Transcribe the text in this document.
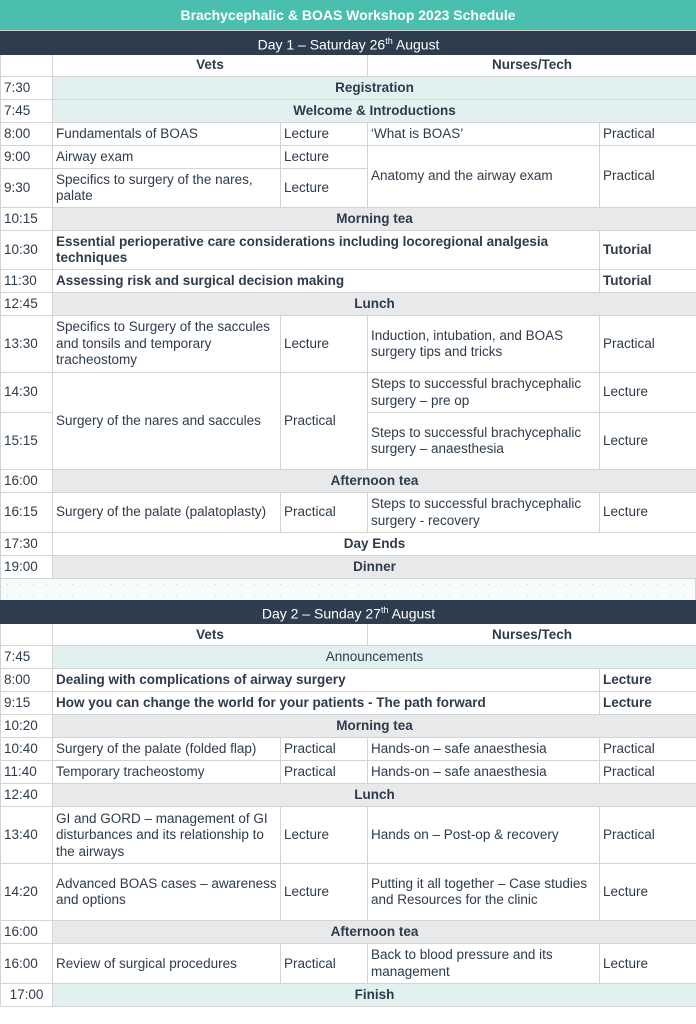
Brachycephalic & BOAS Workshop 2023 Schedule
Day 1 – Saturday 26th August				
	Vets		Nurses/Tech	
7:30	Registration			
7:45	Welcome & Introductions			
8:00	Fundamentals of BOAS	Lecture	‘What is BOAS’	Practical
9:00	Airway exam	Lecture	Anatomy and the airway exam	Practical
9:30	Specifics to surgery of the nares, palate	Lecture		
10:15	Morning tea			
10:30	Essential perioperative care considerations including locoregional analgesia techniques			Tutorial
11:30	Assessing risk and surgical decision making			Tutorial
12:45	Lunch			
13:30	Specifics to Surgery of the saccules and tonsils and temporary tracheostomy	Lecture	Induction, intubation, and BOAS surgery tips and tricks	Practical
14:30	Surgery of the nares and saccules	Practical	Steps to successful brachycephalic surgery – pre op	Lecture
15:15			Steps to successful brachycephalic surgery – anaesthesia	Lecture
16:00	Afternoon tea			
16:15	Surgery of the palate (palatoplasty)	Practical	Steps to successful brachycephalic surgery - recovery	Lecture
17:30	Day Ends			
19:00	Dinner			
Day 2 – Sunday 27th August				
	Vets		Nurses/Tech	
7:45	Announcements			
8:00	Dealing with complications of airway surgery			Lecture
9:15	How you can change the world for your patients - The path forward			Lecture
10:20	Morning tea			
10:40	Surgery of the palate (folded flap)	Practical	Hands-on – safe anaesthesia	Practical
11:40	Temporary tracheostomy	Practical	Hands-on – safe anaesthesia	Practical
12:40	Lunch			
13:40	GI and GORD – management of GI disturbances and its relationship to the airways	Lecture	Hands on – Post-op & recovery	Practical
14:20	Advanced BOAS cases – awareness and options	Lecture	Putting it all together – Case studies and Resources for the clinic	Lecture
16:00	Afternoon tea			
16:00	Review of surgical procedures	Practical	Back to blood pressure and its management	Lecture
17:00	Finish			
